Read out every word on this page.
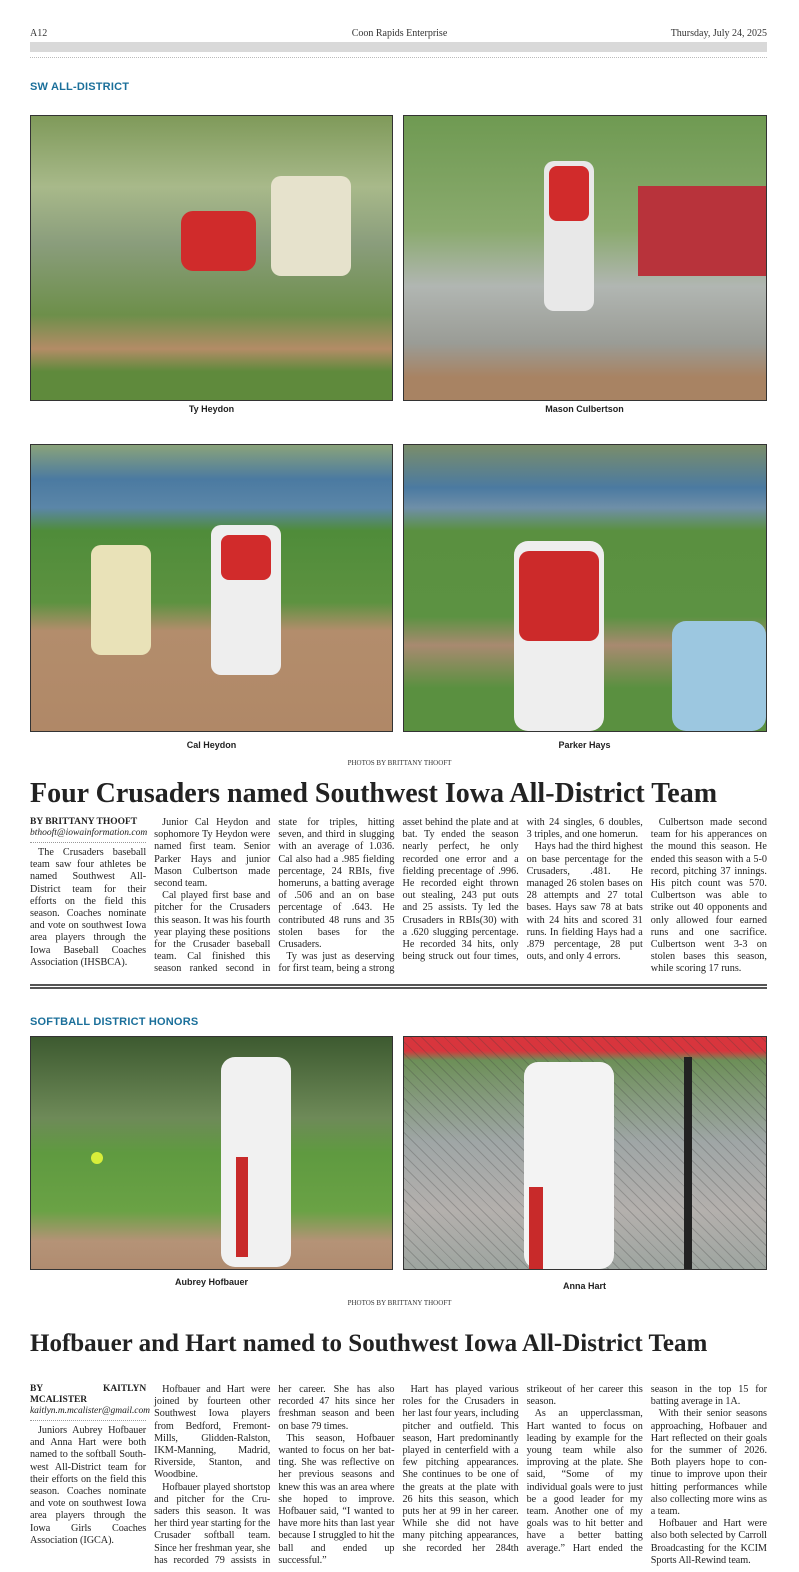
A12	Coon Rapids Enterprise	Thursday, July 24, 2025
SW ALL-DISTRICT
Ty Heydon	Mason Culbertson
Cal Heydon	Parker Hays
PHOTOS BY BRITTANY THOOFT
Four Crusaders named Southwest Iowa All-District Team
BY BRITTANY THOOFT
bthooft@iowainformation.com

The Crusaders baseball team saw four athletes be named Southwest All-District team for their efforts on the field this season. Coaches nominate and vote on southwest Iowa area players through the Iowa Baseball Coaches Association (IHSBCA).

Junior Cal Heydon and sophomore Ty Heydon were named first team. Senior Parker Hays and junior Mason Culbertson made second team.

Cal played first base and pitcher for the Crusaders this season. It was his fourth year playing these positions for the Crusader baseball team. Cal finished this season ranked second in state for triples, hitting seven, and third in slugging with an average of 1.036. Cal also had a .985 fielding percentage, 24 RBIs, five homeruns, a batting average of .506 and an on base percentage of .643. He contributed 48 runs and 35 stolen bases for the Crusaders.

Ty was just as deserving for first team, being a strong asset behind the plate and at bat. Ty ended the season nearly perfect, he only recorded one error and a fielding precentage of .996. He recorded eight thrown out stealing, 243 put outs and 25 assists. Ty led the Crusaders in RBIs(30) with a .620 slugging percentage. He recorded 34 hits, only being struck out four times, with 24 singles, 6 doubles, 3 triples, and one homerun.

Hays had the third highest on base percentage for the Crusaders, .481. He managed 26 stolen bases on 28 attempts and 27 total bases. Hays saw 78 at bats with 24 hits and scored 31 runs. In fielding Hays had a .879 percentage, 28 put outs, and only 4 errors.

Culbertson made second team for his apperances on the mound this season. He ended this season with a 5-0 record, pitching 37 innings. His pitch count was 570. Culbertson was able to strike out 40 opponents and only allowed four earned runs and one sacrifice. Culbertson went 3-3 on stolen bases this season, while scoring 17 runs.

SOFTBALL DISTRICT HONORS
Aubrey Hofbauer	Anna Hart
PHOTOS BY BRITTANY THOOFT
Hofbauer and Hart named to Southwest Iowa All-District Team
BY KAITLYN MCALISTER
kaitlyn.m.mcalister@gmail.com

Juniors Aubrey Hofbauer and Anna Hart were both named to the softball Southwest All-District team for their efforts on the field this season. Coaches nominate and vote on southwest Iowa area players through the Iowa Girls Coaches Association (IGCA).

Hofbauer and Hart were joined by fourteen other Southwest Iowa players from Bedford, Fremont-Mills, Glidden-Ralston, IKM-Manning, Madrid, Riverside, Stanton, and Woodbine.

Hofbauer played shortstop and pitcher for the Crusaders this season. It was her third year starting for the Crusader softball team. Since her freshman year, she has recorded 79 assists in her career. She has also recorded 47 hits since her freshman season and been on base 79 times.

This season, Hofbauer wanted to focus on her batting. She was reflective on her previous seasons and knew this was an area where she hoped to improve. Hofbauer said, “I wanted to have more hits than last year because I struggled to hit the ball and ended up successful.”

Hart has played various roles for the Crusaders in her last four years, including pitcher and outfield. This season, Hart predominantly played in centerfield with a few pitching appearances. She continues to be one of the greats at the plate with 26 hits this season, which puts her at 99 in her career. While she did not have many pitching appearances, she recorded her 284th strikeout of her career this season.

As an upperclassman, Hart wanted to focus on leading by example for the young team while also improving at the plate. She said, “Some of my individual goals were to just be a good leader for my team. Another one of my goals was to hit better and have a better batting average.” Hart ended the season in the top 15 for batting average in 1A.

With their senior seasons approaching, Hofbauer and Hart reflected on their goals for the summer of 2026. Both players hope to continue to improve upon their hitting performances while also collecting more wins as a team.

Hofbauer and Hart were also both selected by Carroll Broadcasting for the KCIM Sports All-Rewind team.
